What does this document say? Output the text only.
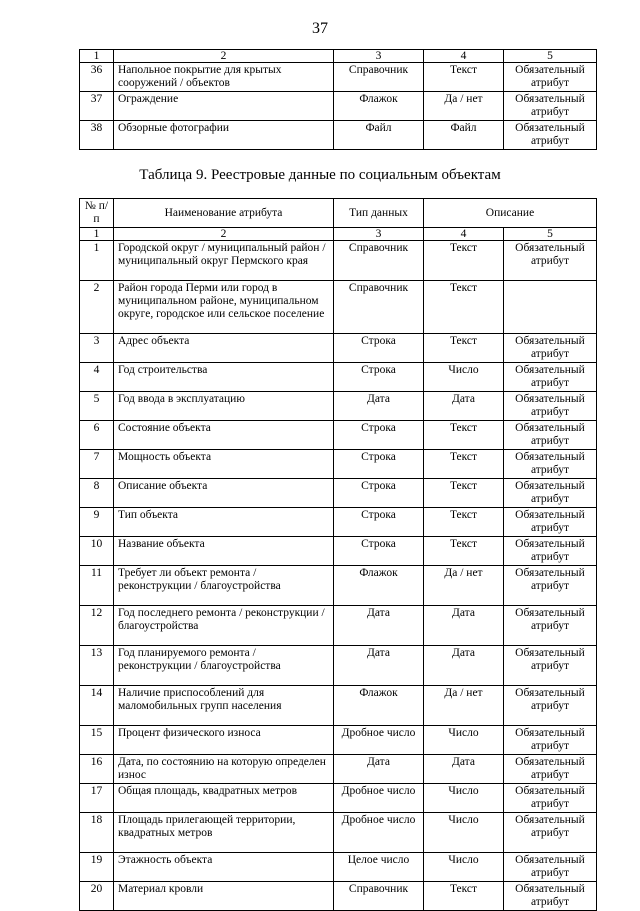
37
1	2	3	4	5
36	Напольное покрытие для крытых сооружений / объектов	Справочник	Текст	Обязательный атрибут
37	Ограждение	Флажок	Да / нет	Обязательный атрибут
38	Обзорные фотографии	Файл	Файл	Обязательный атрибут
Таблица 9. Реестровые данные по социальным объектам
№ п/п	Наименование атрибута	Тип данных	Описание	
1	2	3	4	5
1	Городской округ / муниципальный район / муниципальный округ Пермского края	Справочник	Текст	Обязательный атрибут
2	Район города Перми или город в муниципальном районе, муниципальном округе, городское или сельское поселение	Справочник	Текст	
3	Адрес объекта	Строка	Текст	Обязательный атрибут
4	Год строительства	Строка	Число	Обязательный атрибут
5	Год ввода в эксплуатацию	Дата	Дата	Обязательный атрибут
6	Состояние объекта	Строка	Текст	Обязательный атрибут
7	Мощность объекта	Строка	Текст	Обязательный атрибут
8	Описание объекта	Строка	Текст	Обязательный атрибут
9	Тип объекта	Строка	Текст	Обязательный атрибут
10	Название объекта	Строка	Текст	Обязательный атрибут
11	Требует ли объект ремонта / реконструкции / благоустройства	Флажок	Да / нет	Обязательный атрибут
12	Год последнего ремонта / реконструкции / благоустройства	Дата	Дата	Обязательный атрибут
13	Год планируемого ремонта / реконструкции / благоустройства	Дата	Дата	Обязательный атрибут
14	Наличие приспособлений для маломобильных групп населения	Флажок	Да / нет	Обязательный атрибут
15	Процент физического износа	Дробное число	Число	Обязательный атрибут
16	Дата, по состоянию на которую определен износ	Дата	Дата	Обязательный атрибут
17	Общая площадь, квадратных метров	Дробное число	Число	Обязательный атрибут
18	Площадь прилегающей территории, квадратных метров	Дробное число	Число	Обязательный атрибут
19	Этажность объекта	Целое число	Число	Обязательный атрибут
20	Материал кровли	Справочник	Текст	Обязательный атрибут
